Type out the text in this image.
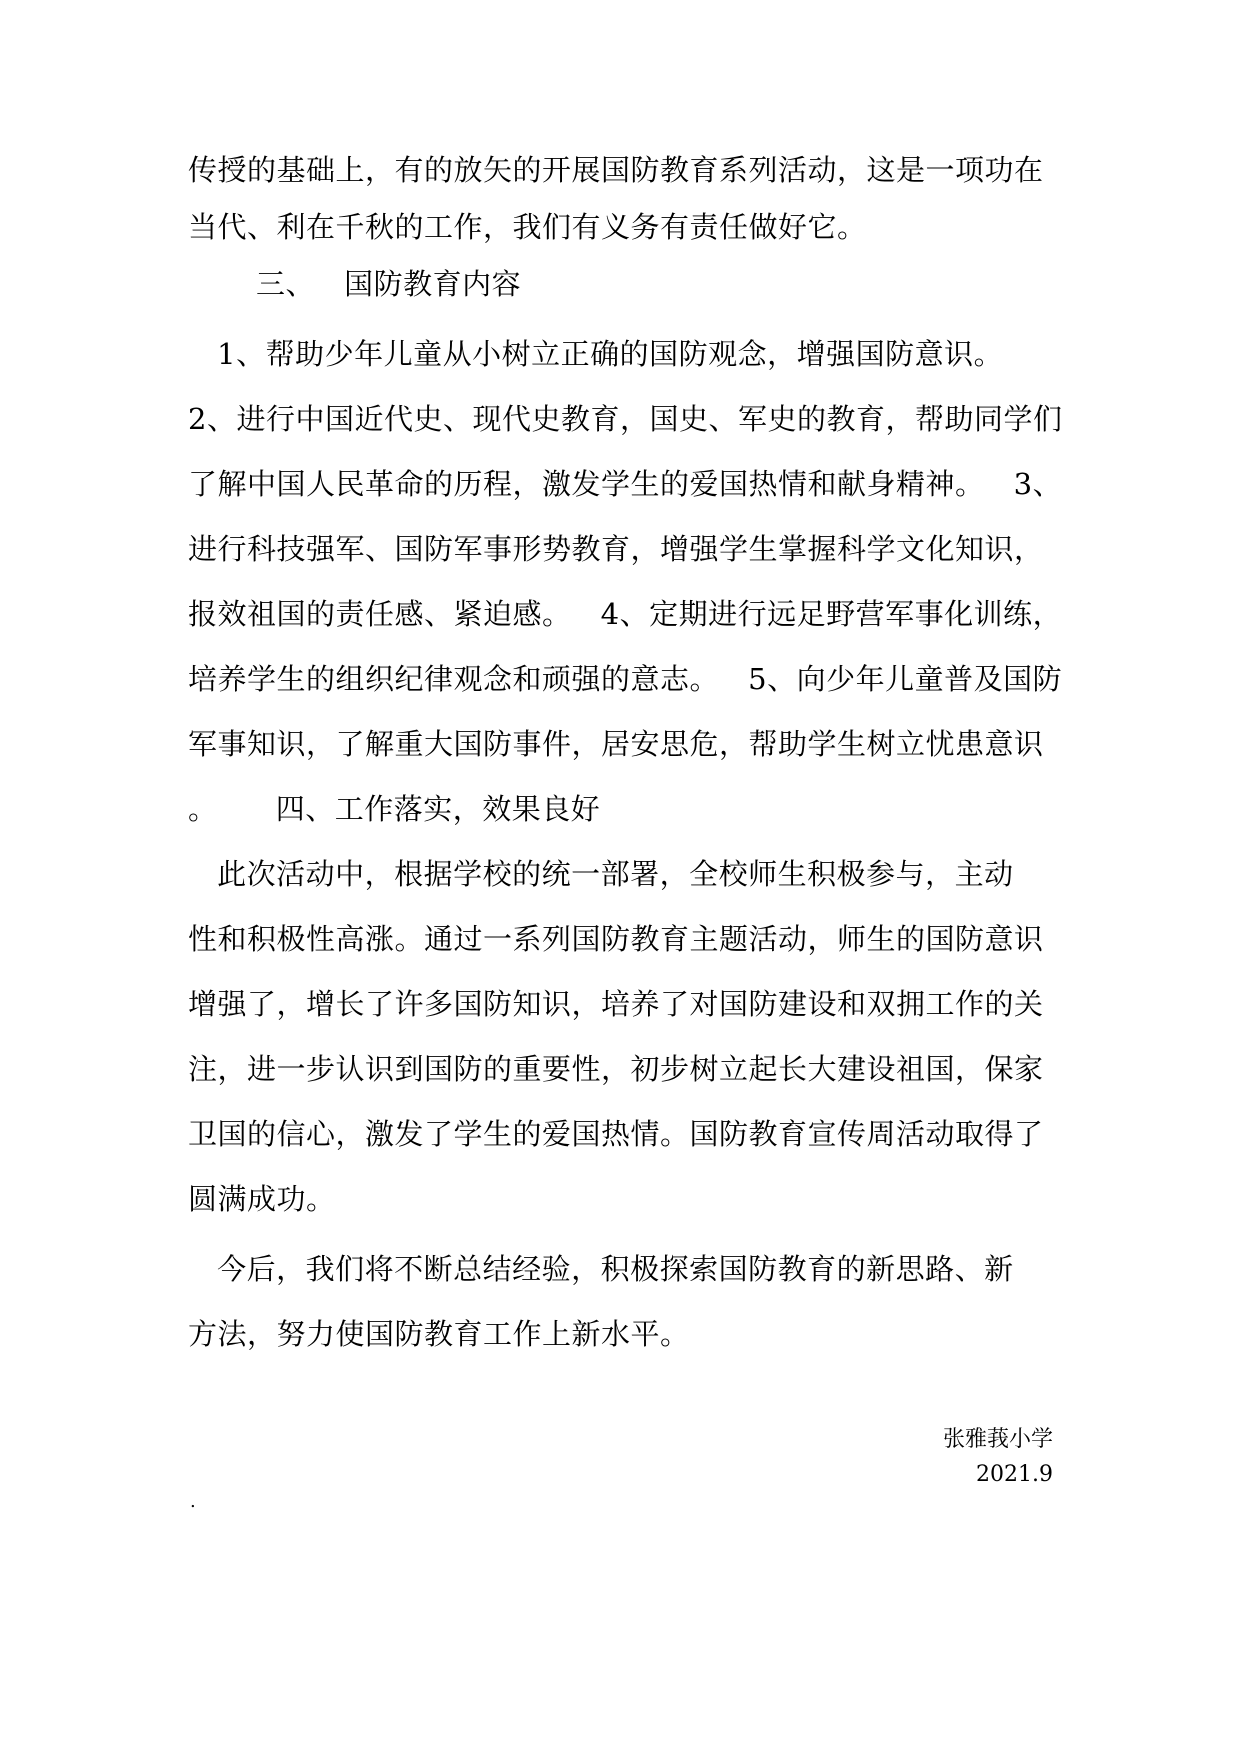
传授的基础上，有的放矢的开展国防教育系列活动，这是一项功在
当代、利在千秋的工作，我们有义务有责任做好它。
三、   国防教育内容
1、帮助少年儿童从小树立正确的国防观念，增强国防意识。
2、进行中国近代史、现代史教育，国史、军史的教育，帮助同学们
了解中国人民革命的历程，激发学生的爱国热情和献身精神。   3、
进行科技强军、国防军事形势教育，增强学生掌握科学文化知识，
报效祖国的责任感、紧迫感。   4、定期进行远足野营军事化训练，
培养学生的组织纪律观念和顽强的意志。   5、向少年儿童普及国防
军事知识，了解重大国防事件，居安思危，帮助学生树立忧患意识
。      四、工作落实，效果良好
此次活动中，根据学校的统一部署，全校师生积极参与，主动
性和积极性高涨。通过一系列国防教育主题活动，师生的国防意识
增强了，增长了许多国防知识，培养了对国防建设和双拥工作的关
注，进一步认识到国防的重要性，初步树立起长大建设祖国，保家
卫国的信心，激发了学生的爱国热情。国防教育宣传周活动取得了
圆满成功。
今后，我们将不断总结经验，积极探索国防教育的新思路、新
方法，努力使国防教育工作上新水平。
张雅莪小学
2021.9
.
